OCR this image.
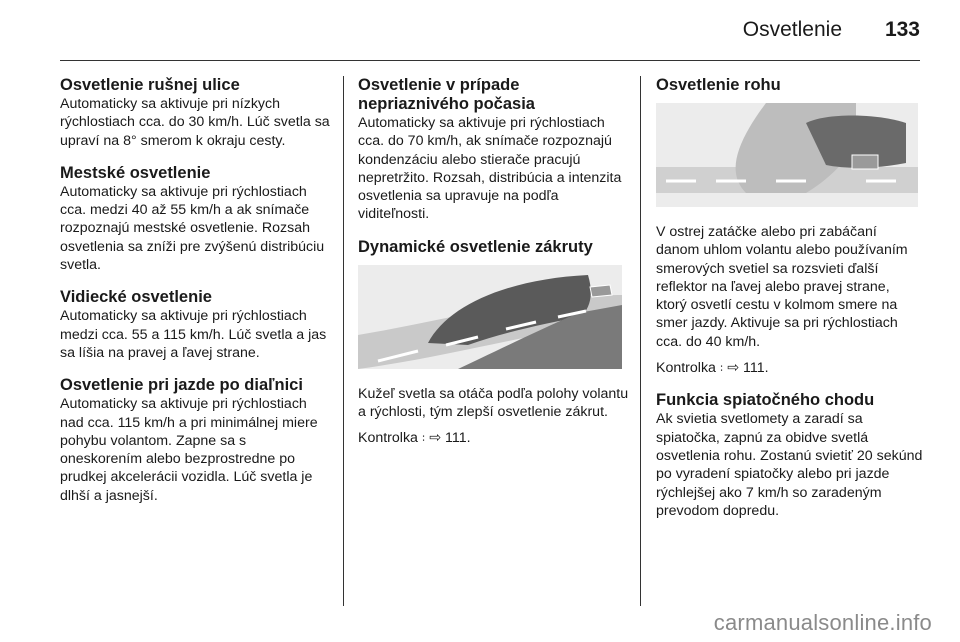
Osvetlenie 133
Osvetlenie rušnej ulice

Automaticky sa aktivuje pri nízkych rýchlostiach cca. do 30 km/h. Lúč svetla sa upraví na 8° smerom k okraju cesty.

Mestské osvetlenie

Automaticky sa aktivuje pri rýchlostiach cca. medzi 40 až 55 km/h a ak snímače rozpoznajú mestské osvetlenie. Rozsah osvetlenia sa zníži pre zvýšenú distribúciu svetla.

Vidiecké osvetlenie

Automaticky sa aktivuje pri rýchlostiach medzi cca. 55 a 115 km/h. Lúč svetla a jas sa líšia na pravej a ľavej strane.

Osvetlenie pri jazde po diaľnici

Automaticky sa aktivuje pri rýchlostiach nad cca. 115 km/h a pri minimálnej miere pohybu volantom. Zapne sa s oneskorením alebo bezprostredne po prudkej akcelerácii vozidla. Lúč svetla je dlhší a jasnejší.

Osvetlenie v prípade nepriaznivého počasia

Automaticky sa aktivuje pri rýchlostiach cca. do 70 km/h, ak snímače rozpoznajú kondenzáciu alebo stierače pracujú nepretržito. Rozsah, distribúcia a intenzita osvetlenia sa upravuje na podľa viditeľnosti.

Dynamické osvetlenie zákruty

Kužeľ svetla sa otáča podľa polohy volantu a rýchlosti, tým zlepší osvetlenie zákrut.

Kontrolka ꞉ ⇨ 111.

Osvetlenie rohu

V ostrej zatáčke alebo pri zabáčaní danom uhlom volantu alebo používaním smerových svetiel sa rozsvieti ďalší reflektor na ľavej alebo pravej strane, ktorý osvetlí cestu v kolmom smere na smer jazdy. Aktivuje sa pri rýchlostiach cca. do 40 km/h.

Kontrolka ꞉ ⇨ 111.

Funkcia spiatočného chodu

Ak svietia svetlomety a zaradí sa spiatočka, zapnú za obidve svetlá osvetlenia rohu. Zostanú svietiť 20 sekúnd po vyradení spiatočky alebo pri jazde rýchlejšej ako 7 km/h so zaradeným prevodom dopredu.

carmanualsonline.info
